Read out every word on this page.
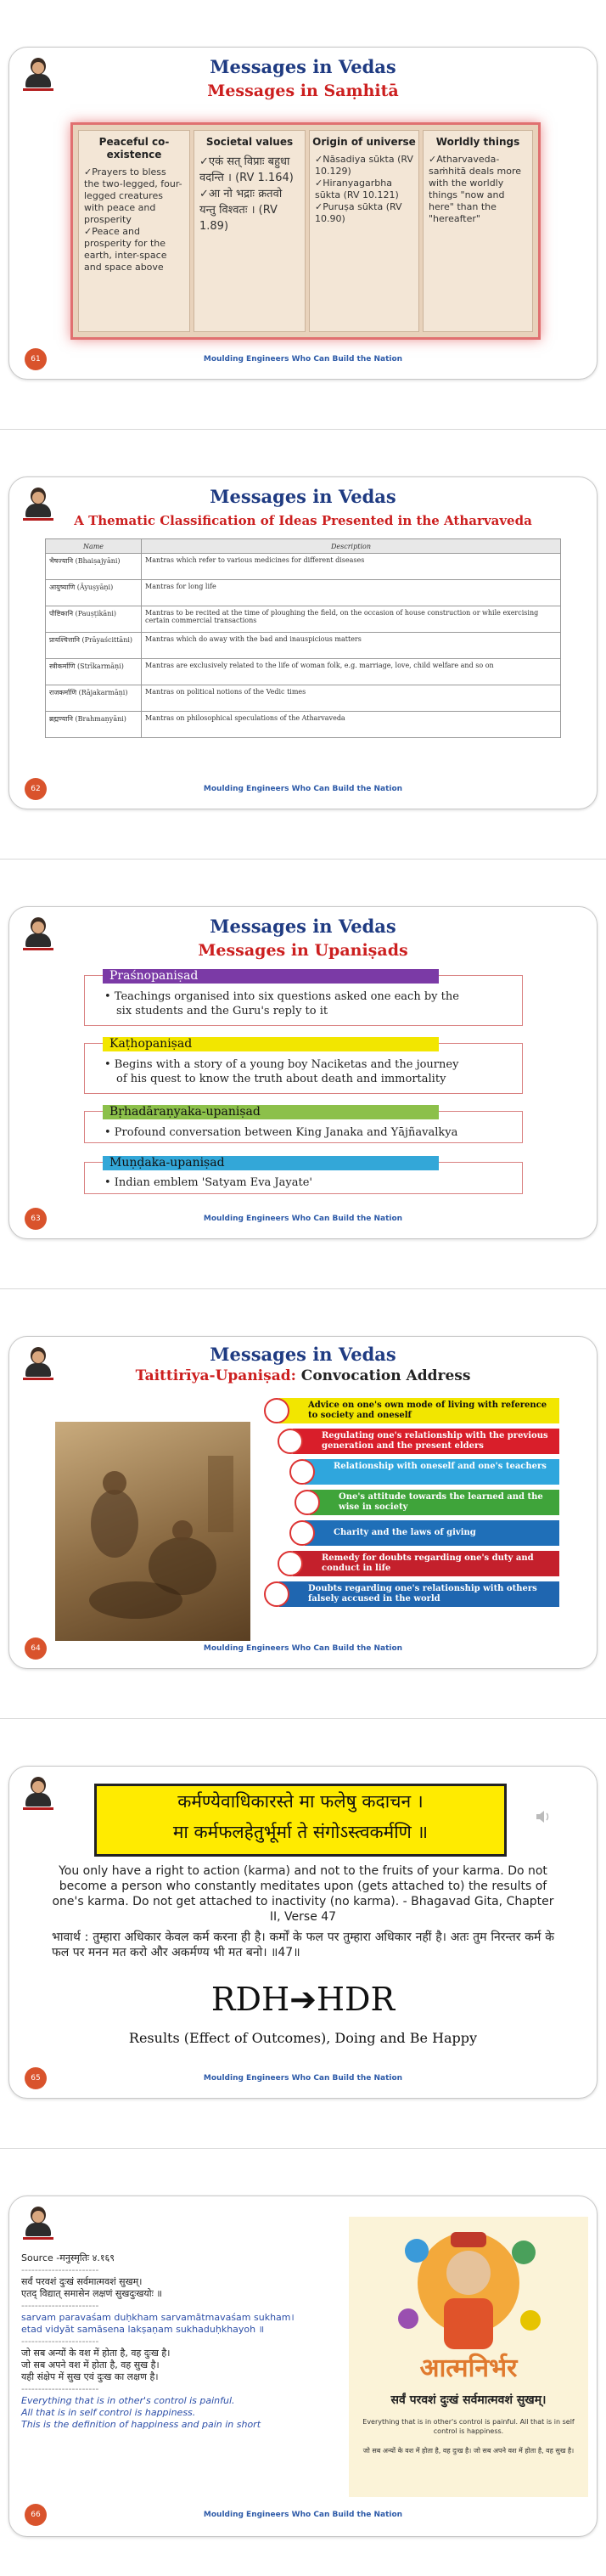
Messages in Vedas
Messages in Saṃhitā
Peaceful co-existence
✓Prayers to bless the two-legged, four-legged creatures with peace and prosperity
✓Peace and prosperity for the earth, inter-space and space above
Societal values
✓एकं सत् विप्राः बहुधा वदन्ति । (RV 1.164)
✓आ नो भद्राः क्रतवो यन्तु विश्वतः । (RV 1.89)
Origin of universe
✓Nāsadiya sūkta (RV 10.129)
✓Hiranyagarbha sūkta (RV 10.121)
✓Puruṣa sūkta (RV 10.90)
Worldly things
✓Atharvaveda-saṁhitā deals more with the worldly things "now and here" than the "hereafter"
61	Moulding Engineers Who Can Build the Nation
Messages in Vedas
A Thematic Classification of Ideas Presented in the Atharvaveda
Name	Description
भैषज्यानि (Bhaiṣajyāni)	Mantras which refer to various medicines for different diseases
आयुष्याणि (Āyuṣyāṇi)	Mantras for long life
पौष्टिकानि (Pauṣṭikāni)	Mantras to be recited at the time of ploughing the field, on the occasion of house construction or while exercising certain commercial transactions
प्रायश्चित्तानि (Prāyaścittāni)	Mantras which do away with the bad and inauspicious matters
स्त्रीकर्माणि (Strīkarmāṇi)	Mantras are exclusively related to the life of woman folk, e.g. marriage, love, child welfare and so on
राजकर्माणि (Rājakarmāṇi)	Mantras on political notions of the Vedic times
ब्रह्मण्यानि (Brahmaṇyāni)	Mantras on philosophical speculations of the Atharvaveda
62	Moulding Engineers Who Can Build the Nation
Messages in Vedas
Messages in Upaniṣads
Praśnopaniṣad
• Teachings organised into six questions asked one each by the
six students and the Guru's reply to it
Kaṭhopaniṣad
• Begins with a story of a young boy Naciketas and the journey
of his quest to know the truth about death and immortality
Bṛhadāraṇyaka-upaniṣad
• Profound conversation between King Janaka and Yājñavalkya
Muṇḍaka-upaniṣad
• Indian emblem 'Satyam Eva Jayate'
63	Moulding Engineers Who Can Build the Nation
Messages in Vedas
Taittirīya-Upaniṣad: Convocation Address
Advice on one's own mode of living with reference to society and oneself
Regulating one's relationship with the previous generation and the present elders
Relationship with oneself and one's teachers
One's attitude towards the learned and the wise in society
Charity and the laws of giving
Remedy for doubts regarding one's duty and conduct in life
Doubts regarding one's relationship with others falsely accused in the world
64	Moulding Engineers Who Can Build the Nation
कर्मण्येवाधिकारस्ते मा फलेषु कदाचन ।
मा कर्मफलहेतुर्भूर्मा ते संगोऽस्त्वकर्मणि ॥
You only have a right to action (karma) and not to the fruits of your karma. Do not become a person who constantly meditates upon (gets attached to) the results of one's karma. Do not get attached to inactivity (no karma). - Bhagavad Gita, Chapter II, Verse 47
भावार्थ : तुम्हारा अधिकार केवल कर्म करना ही है। कर्मों के फल पर तुम्हारा अधिकार नहीं है। अतः तुम निरन्तर कर्म के फल पर मनन मत करो और अकर्मण्य भी मत बनो। ॥47॥
RDH➔HDR
Results (Effect of Outcomes), Doing and Be Happy
65	Moulding Engineers Who Can Build the Nation
Source -मनुस्मृतिः ४.१६९
-----------------------
सर्वं परवशं दुःखं सर्वमात्मवशं सुखम्।
एतद् विद्यात् समासेन लक्षणं सुखदुःखयोः ॥
-----------------------
sarvam paravaśam duḥkham sarvamātmavaśam sukham।
etad vidyāt samāsena lakṣaṇam sukhaduḥkhayoh ॥
-----------------------
जो सब अन्यों के वश में होता है, वह दुःख है।
जो सब अपने वश में होता है, वह सुख है।
यही संक्षेप में सुख एवं दुःख का लक्षण है।
-----------------------
Everything that is in other's control is painful.
All that is in self control is happiness.
This is the definition of happiness and pain in short
आत्मनिर्भर
सर्वं परवशं दुःखं सर्वमात्मवशं सुखम्।
Everything that is in other's control is painful. All that is in self control is happiness.
जो सब अन्यों के वश में होता है, वह दुःख है। जो सब अपने वश में होता है, वह सुख है।
66	Moulding Engineers Who Can Build the Nation
